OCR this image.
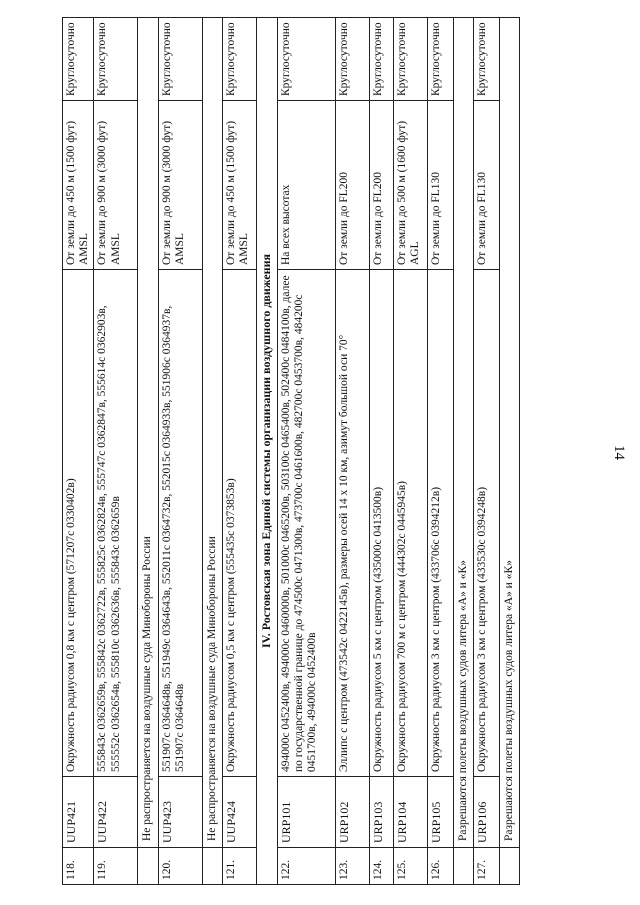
14
118.	UUP421	Окружность радиусом 0,8 км с центром (571207с 0330402в)	От земли до 450 м (1500 фут) AMSL	Круглосуточно
119.	UUP422	555843с 0362659в, 555842с 0362722в, 555825с 0362824в, 555747с 0362847в, 555614с 0362903в, 555552с 0362654в, 555810с 0362636в, 555843с 0362659в	От земли до 900 м (3000 фут) AMSL	Круглосуточно
	Не распространяется на воздушные суда Минобороны России			
120.	UUP423	551907с 0364648в, 551949с 0364643в, 552011с 0364732в, 552015с 0364933в, 551906с 0364937в, 551907с 0364648в	От земли до 900 м (3000 фут) AMSL	Круглосуточно
	Не распространяется на воздушные суда Минобороны России			
121.	UUP424	Окружность радиусом 0,5 км с центром (555435с 0373853в)	От земли до 450 м (1500 фут) AMSL	Круглосуточно
IV. Ростовская зона Единой системы организации воздушного движения				
122.	URP101	494000с 0452400в, 494000с 0460000в, 501000с 0465200в, 503100с 0465400в, 502400с 0484100в, далее по государственной границе до 474500с 0471300в, 473700с 0461600в, 482700с 0453700в, 484200с 0451700в, 494000с 0452400в	На всех высотах	Круглосуточно
123.	URP102	Эллипс с центром (473542с 0422145в), размеры осей 14 x 10 км, азимут большой оси 70°	От земли до FL200	Круглосуточно
124.	URP103	Окружность радиусом 5 км с центром (435000с 0413500в)	От земли до FL200	Круглосуточно
125.	URP104	Окружность радиусом 700 м с центром (444302с 0445945в)	От земли до 500 м (1600 фут) AGL	Круглосуточно
126.	URP105	Окружность радиусом 3 км с центром (433706с 0394212в)	От земли до FL130	Круглосуточно
	Разрешаются полеты воздушных судов литера «А» и «К»			
127.	URP106	Окружность радиусом 3 км с центром (433530с 0394248в)	От земли до FL130	Круглосуточно
	Разрешаются полеты воздушных судов литера «А» и «К»			
